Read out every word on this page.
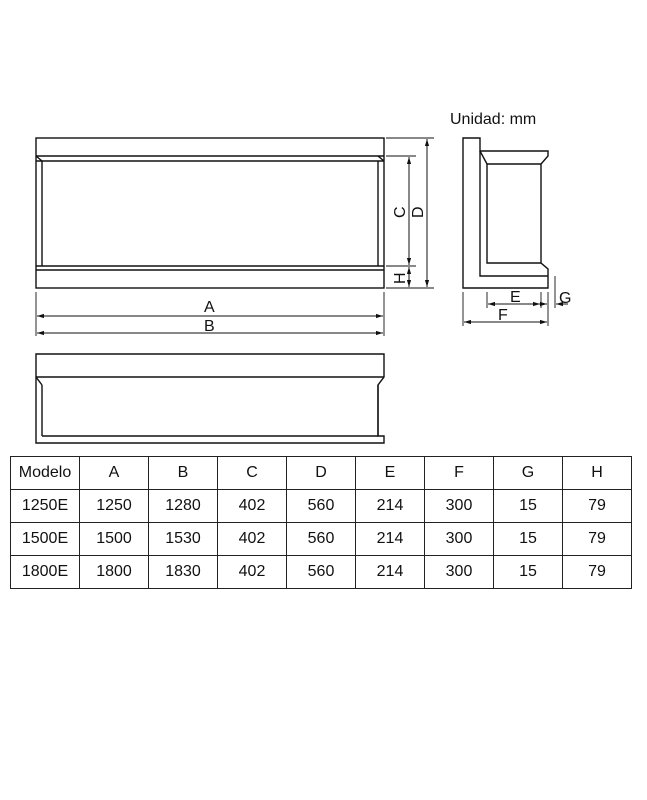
Unidad: mm
A
B
C D
H
E
F
G
Modelo	A	B	C	D	E	F	G	H
1250E	1250	1280	402	560	214	300	15	79
1500E	1500	1530	402	560	214	300	15	79
1800E	1800	1830	402	560	214	300	15	79
